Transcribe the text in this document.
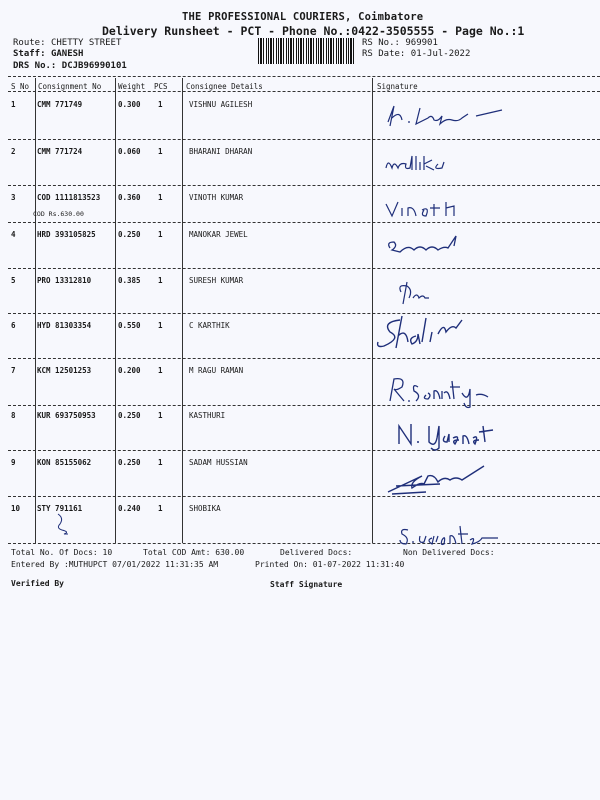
THE PROFESSIONAL COURIERS, Coimbatore
Delivery Runsheet - PCT - Phone No.:0422-3505555 - Page No.:1
Route: CHETTY STREET
Staff: GANESH
DRS No.: DCJB96990101
RS No.: 969901
RS Date: 01-Jul-2022
S No Consignment No Weight PCS Consignee Details	Signature
1	CMM 771749	0.300 1	VISHNU AGILESH
2	CMM 771724	0.060 1	BHARANI DHARAN
3	COD 1111813523 0.360 1	VINOTH KUMAR
COD Rs.630.00
4	HRD 393105825	0.250 1	MANOKAR JEWEL
5	PRO 13312810	0.385 1	SURESH KUMAR
6	HYD 81303354	0.550 1	C KARTHIK
7	KCM 12501253	0.200 1	M RAGU RAMAN
8	KUR 693750953	0.250 1	KASTHURI
9	KON 85155062	0.250 1	SADAM HUSSIAN
10 STY 791161	0.240 1	SHOBIKA
Total No. Of Docs: 10	Total COD Amt: 630.00	Delivered Docs:	Non Delivered Docs:
Entered By :MUTHUPCT 07/01/2022 11:31:35 AM	Printed On: 01-07-2022 11:31:40
Verified By	Staff Signature
